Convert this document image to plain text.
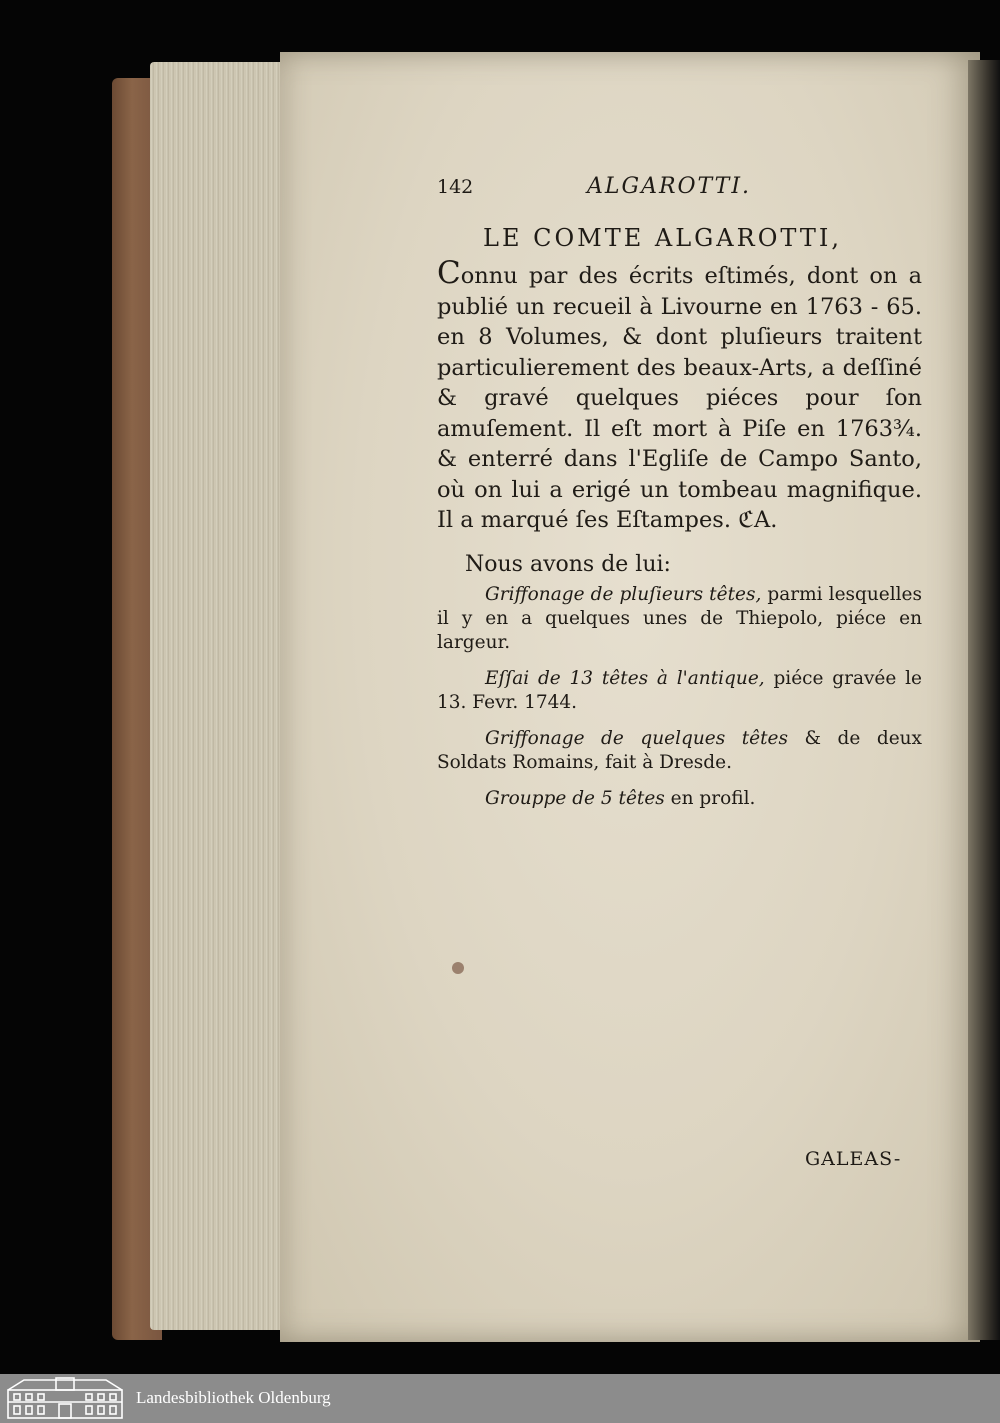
142	ALGAROTTI.
LE COMTE ALGAROTTI,

Connu par des écrits eſtimés, dont on a publié un recueil à Livourne en 1763 - 65. en 8 Volumes, & dont pluſieurs traitent particulierement des beaux-Arts, a deſſiné & gravé quelques piéces pour ſon amuſement. Il eſt mort à Piſe en 1763¾. & enterré dans l'Egliſe de Campo Santo, où on lui a erigé un tombeau magnifique. Il a marqué ſes Eſtampes. ℭA.

Nous avons de lui:

Griffonage de pluſieurs têtes, parmi lesquelles il y en a quelques unes de Thiepolo, piéce en largeur.

Eſſai de 13 têtes à l'antique, piéce gravée le 13. Fevr. 1744.

Griffonage de quelques têtes & de deux Soldats Romains, fait à Dresde.

Grouppe de 5 têtes en profil.

GALEAS-
Landesbibliothek Oldenburg
